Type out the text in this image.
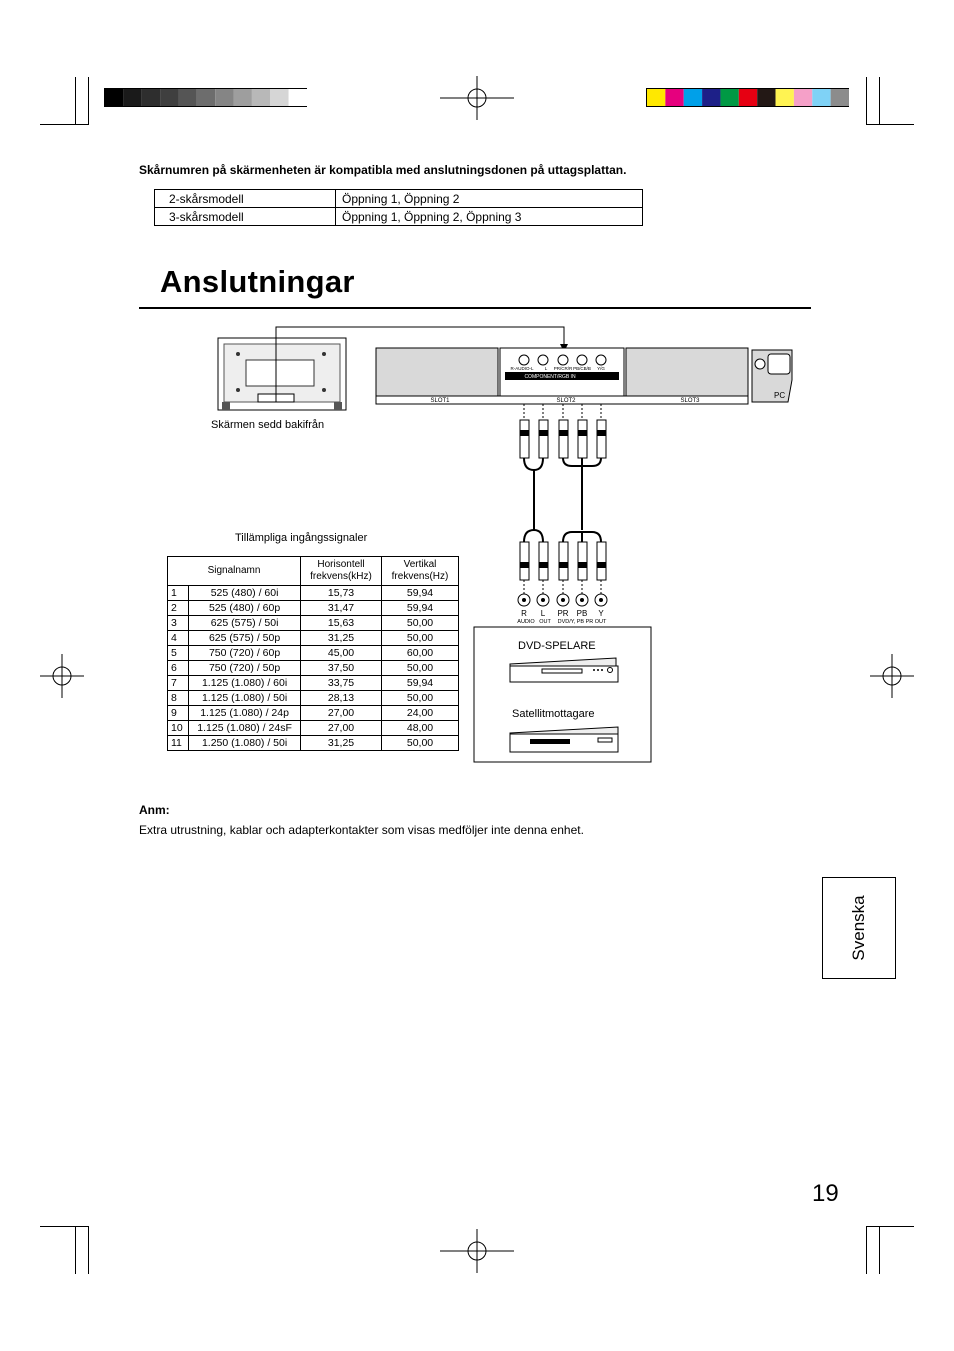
Skårnumren på skärmenheten är kompatibla med anslutningsdonen på uttagsplattan.
2-skårsmodell	Öppning 1, Öppning 2
3-skårsmodell	Öppning 1, Öppning 2, Öppning 3
Anslutningar
Skärmen sedd bakifrån
SLOT1	SLOT2	SLOT3
COMPONENT/RGB IN
PC
R-AUDIO-L L PR/CR/R PB/CB/B Y/G
R L PR PB Y
AUDIO OUT DVD/Y, PB PR OUT
DVD-SPELARE
Satellitmottagare
Tillämpliga ingångssignaler
Signalnamn		Horisontell frekvens(kHz)	Vertikal frekvens(Hz)
1	525 (480) / 60i	15,73	59,94
2	525 (480) / 60p	31,47	59,94
3	625 (575) / 50i	15,63	50,00
4	625 (575) / 50p	31,25	50,00
5	750 (720) / 60p	45,00	60,00
6	750 (720) / 50p	37,50	50,00
7	1.125 (1.080) / 60i	33,75	59,94
8	1.125 (1.080) / 50i	28,13	50,00
9	1.125 (1.080) / 24p	27,00	24,00
10	1.125 (1.080) / 24sF	27,00	48,00
11	1.250 (1.080) / 50i	31,25	50,00
Anm:
Extra utrustning, kablar och adapterkontakter som visas medföljer inte denna enhet.
Svenska
19
